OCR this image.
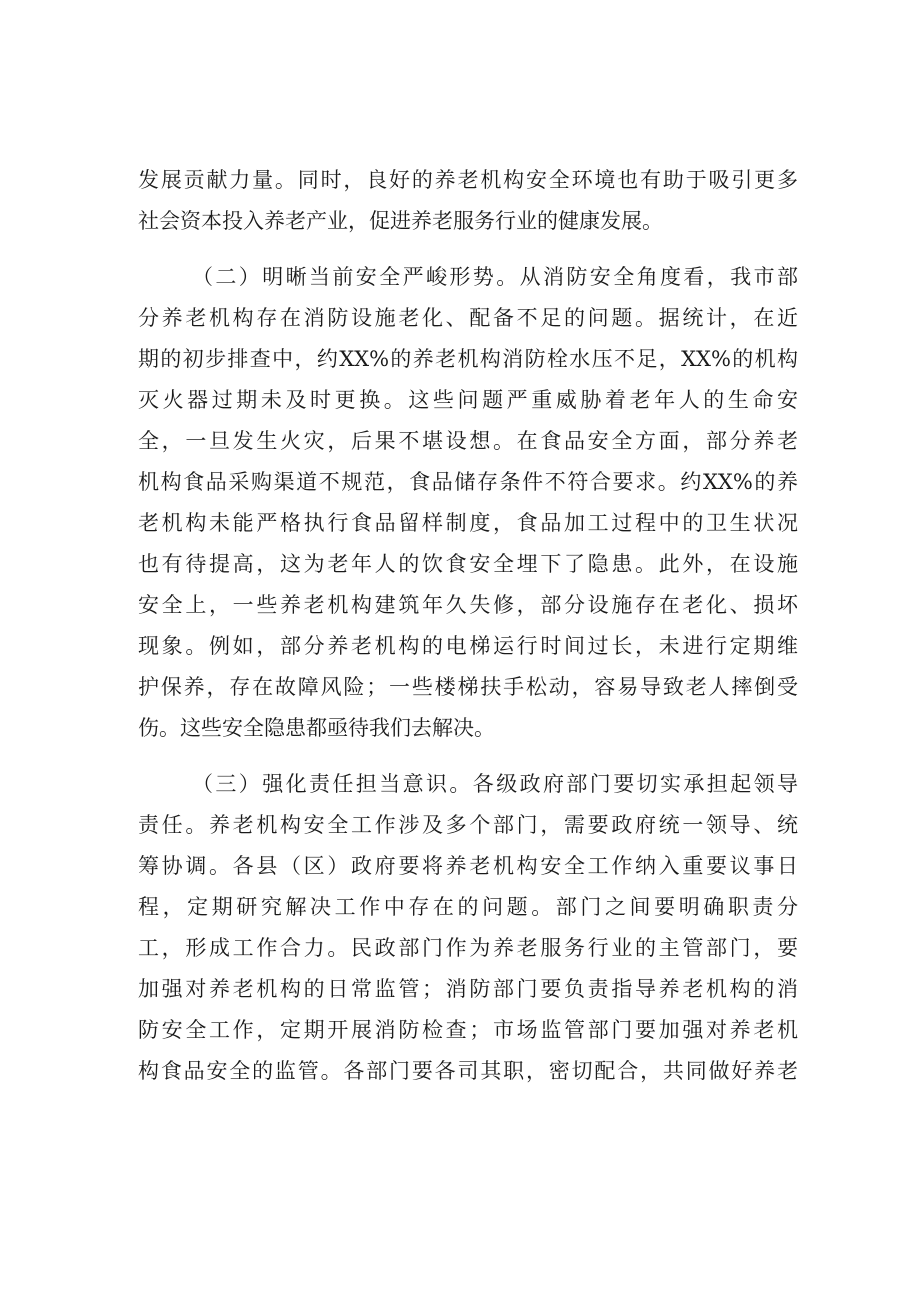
发展贡献力量。同时，良好的养老机构安全环境也有助于吸引更多
社会资本投入养老产业，促进养老服务行业的健康发展。
（二）明晰当前安全严峻形势。从消防安全角度看，我市部
分养老机构存在消防设施老化、配备不足的问题。据统计，在近
期的初步排查中，约XX%的养老机构消防栓水压不足，XX%的机构
灭火器过期未及时更换。这些问题严重威胁着老年人的生命安
全，一旦发生火灾，后果不堪设想。在食品安全方面，部分养老
机构食品采购渠道不规范，食品储存条件不符合要求。约XX%的养
老机构未能严格执行食品留样制度，食品加工过程中的卫生状况
也有待提高，这为老年人的饮食安全埋下了隐患。此外，在设施
安全上，一些养老机构建筑年久失修，部分设施存在老化、损坏
现象。例如，部分养老机构的电梯运行时间过长，未进行定期维
护保养，存在故障风险；一些楼梯扶手松动，容易导致老人摔倒受
伤。这些安全隐患都亟待我们去解决。
（三）强化责任担当意识。各级政府部门要切实承担起领导
责任。养老机构安全工作涉及多个部门，需要政府统一领导、统
筹协调。各县（区）政府要将养老机构安全工作纳入重要议事日
程，定期研究解决工作中存在的问题。部门之间要明确职责分
工，形成工作合力。民政部门作为养老服务行业的主管部门，要
加强对养老机构的日常监管；消防部门要负责指导养老机构的消
防安全工作，定期开展消防检查；市场监管部门要加强对养老机
构食品安全的监管。各部门要各司其职，密切配合，共同做好养老
